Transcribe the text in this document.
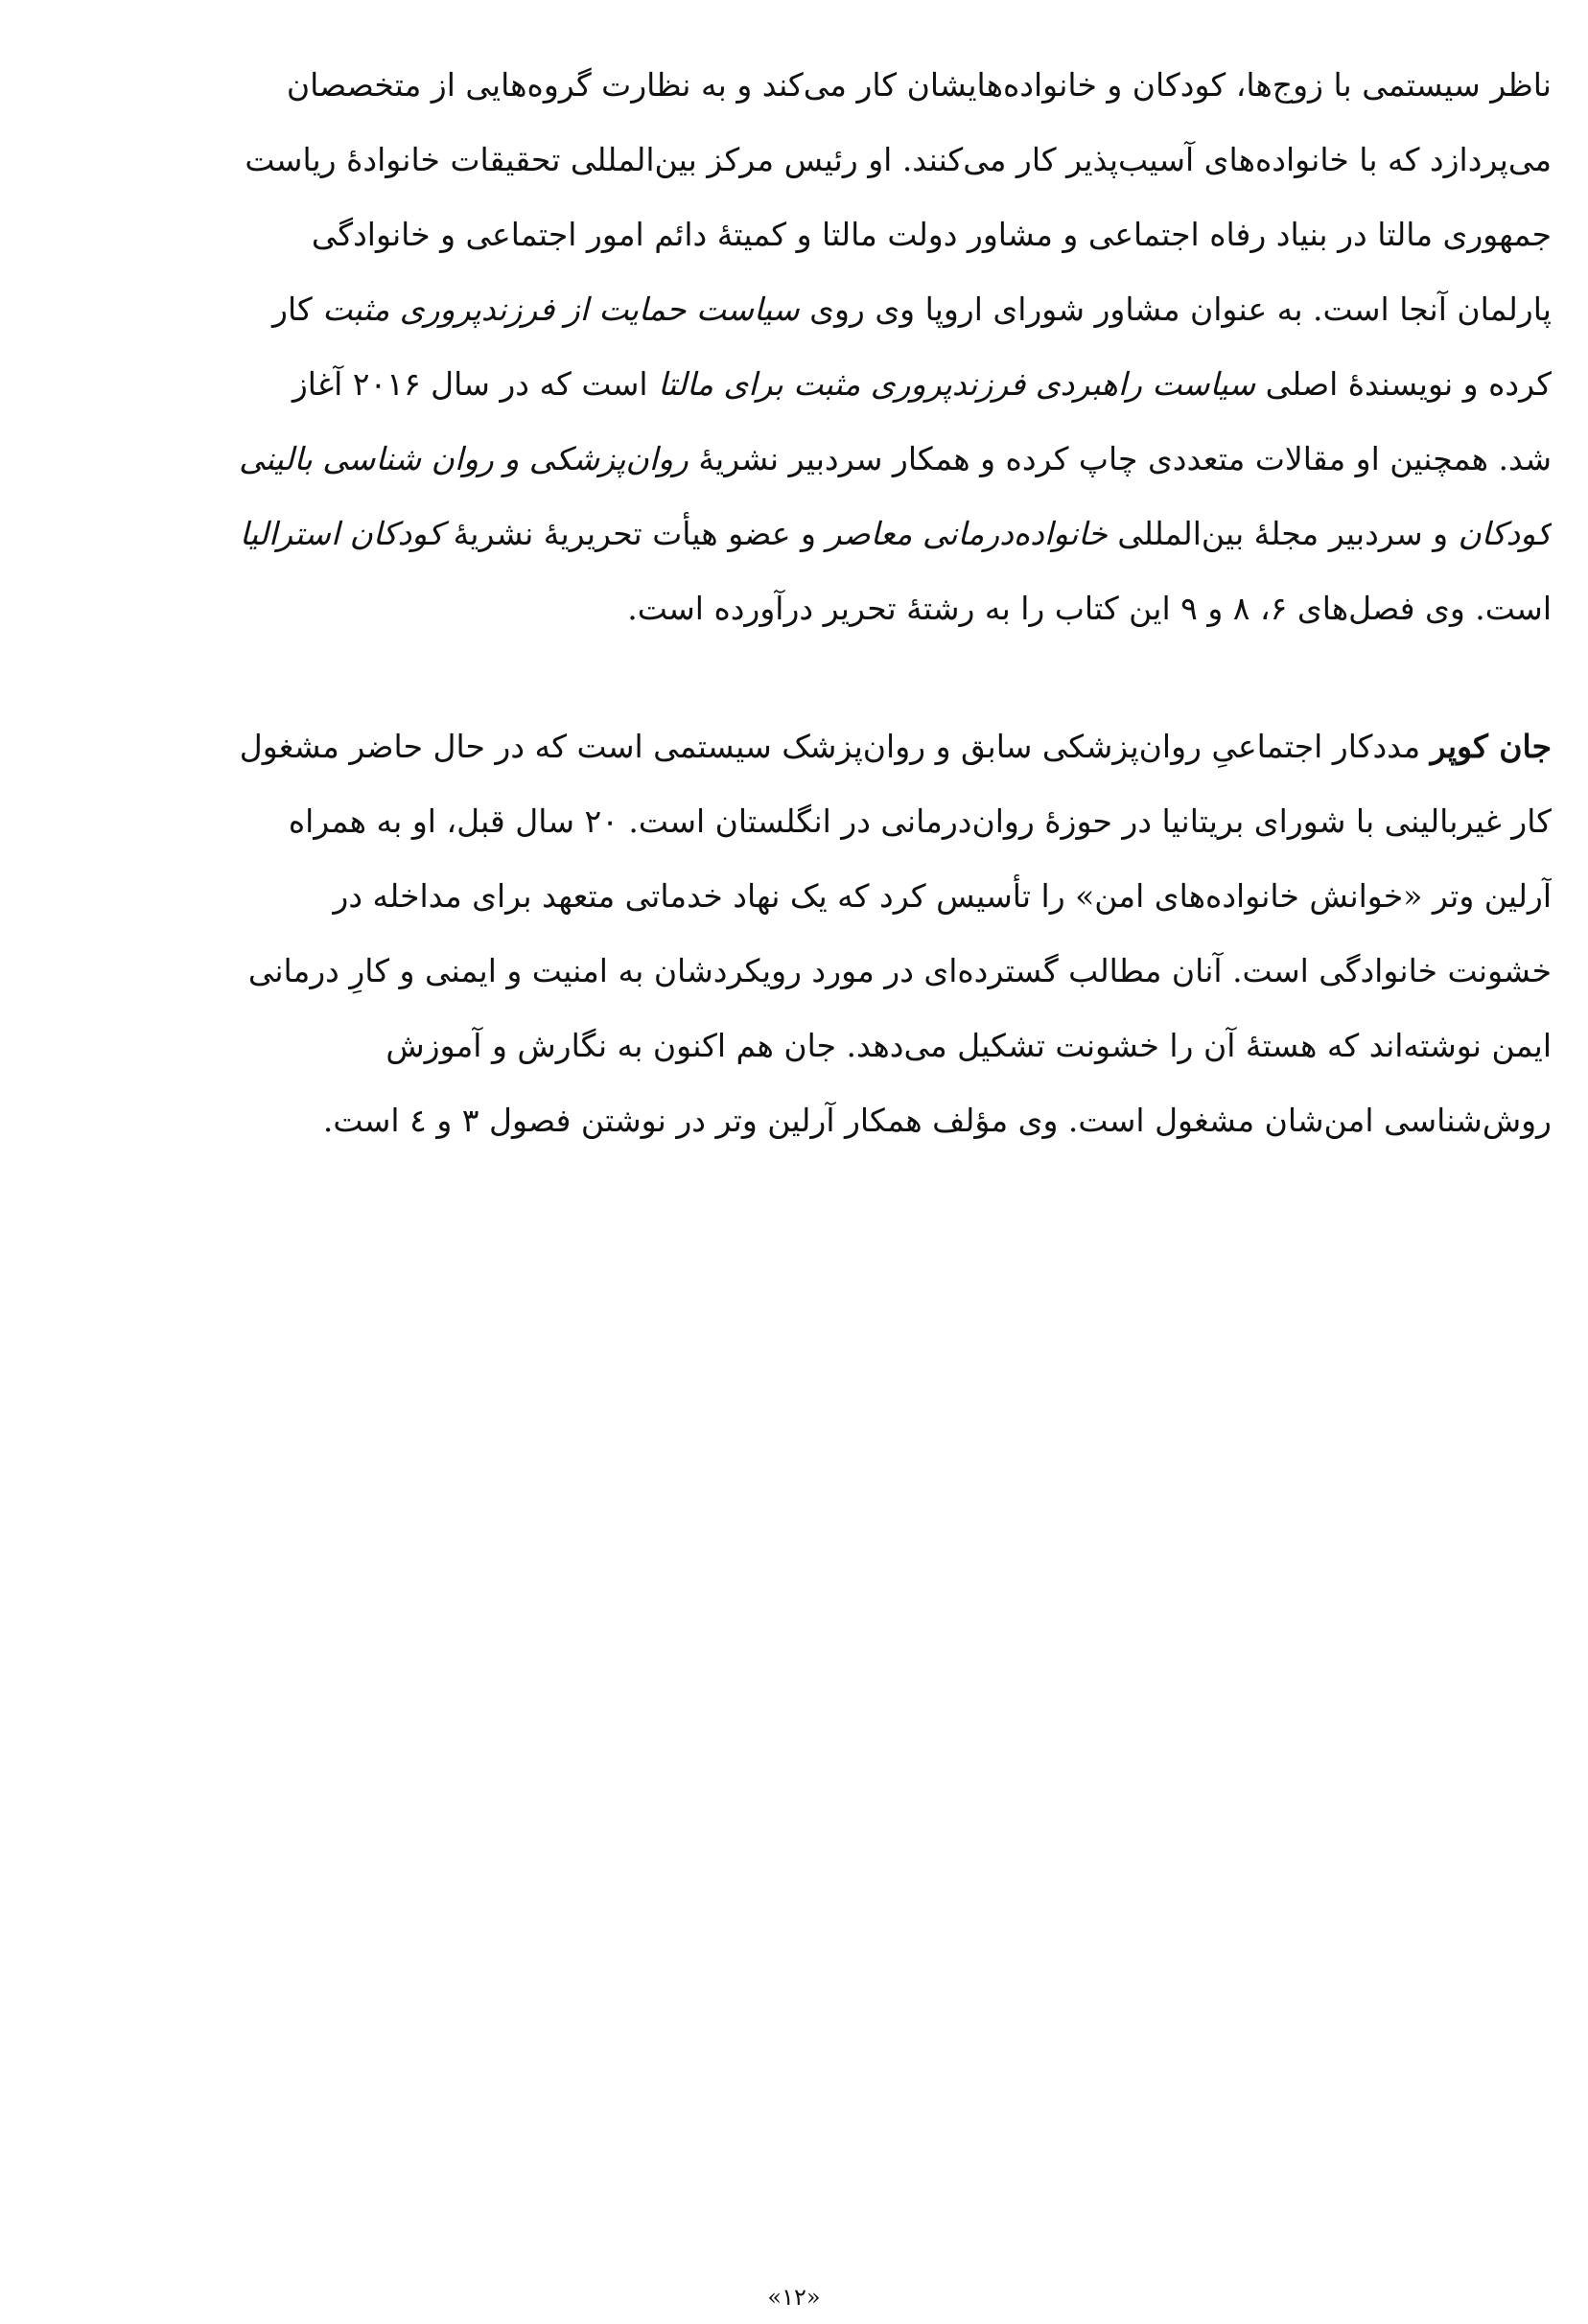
ناظر سیستمی با زوج‌ها، کودکان و خانواده‌هایشان کار می‌کند و به نظارت گروه‌هایی از متخصصان
می‌پردازد که با خانواده‌های آسیب‌پذیر کار می‌کنند. او رئیس مرکز بین‌المللی تحقیقات خانوادهٔ ریاست
جمهوری مالتا در بنیاد رفاه اجتماعی و مشاور دولت مالتا و کمیتهٔ دائم امور اجتماعی و خانوادگی
پارلمان آنجا است. به عنوان مشاور شورای اروپا وی روی سیاست حمایت از فرزندپروری مثبت کار
کرده و نویسندهٔ اصلی سیاست راهبردی فرزندپروری مثبت برای مالتا است که در سال ۲۰۱۶ آغاز
شد. همچنین او مقالات متعددی چاپ کرده و همکار سردبیر نشریهٔ روان‌پزشکی و روان شناسی بالینی
کودکان و سردبیر مجلهٔ بین‌المللی خانواده‌درمانی معاصر و عضو هیأت تحریریهٔ نشریهٔ کودکان استرالیا
است. وی فصل‌های ۶، ۸ و ۹ این کتاب را به رشتهٔ تحریر درآورده است.

جان کوپر مددکار اجتماعیِ روان‌پزشکی سابق و روان‌پزشک سیستمی است که در حال حاضر مشغول
کار غیربالینی با شورای بریتانیا در حوزهٔ روان‌درمانی در انگلستان است. ۲۰ سال قبل، او به همراه
آرلین وتر «خوانش خانواده‌های امن» را تأسیس کرد که یک نهاد خدماتی متعهد برای مداخله در
خشونت خانوادگی است. آنان مطالب گسترده‌ای در مورد رویکردشان به امنیت و ایمنی و کارِ درمانی
ایمن نوشته‌اند که هستهٔ آن را خشونت تشکیل می‌دهد. جان هم اکنون به نگارش و آموزش
روش‌شناسی امن‌شان مشغول است. وی مؤلف همکار آرلین وتر در نوشتن فصول ۳ و ٤ است.

«۱۲»
